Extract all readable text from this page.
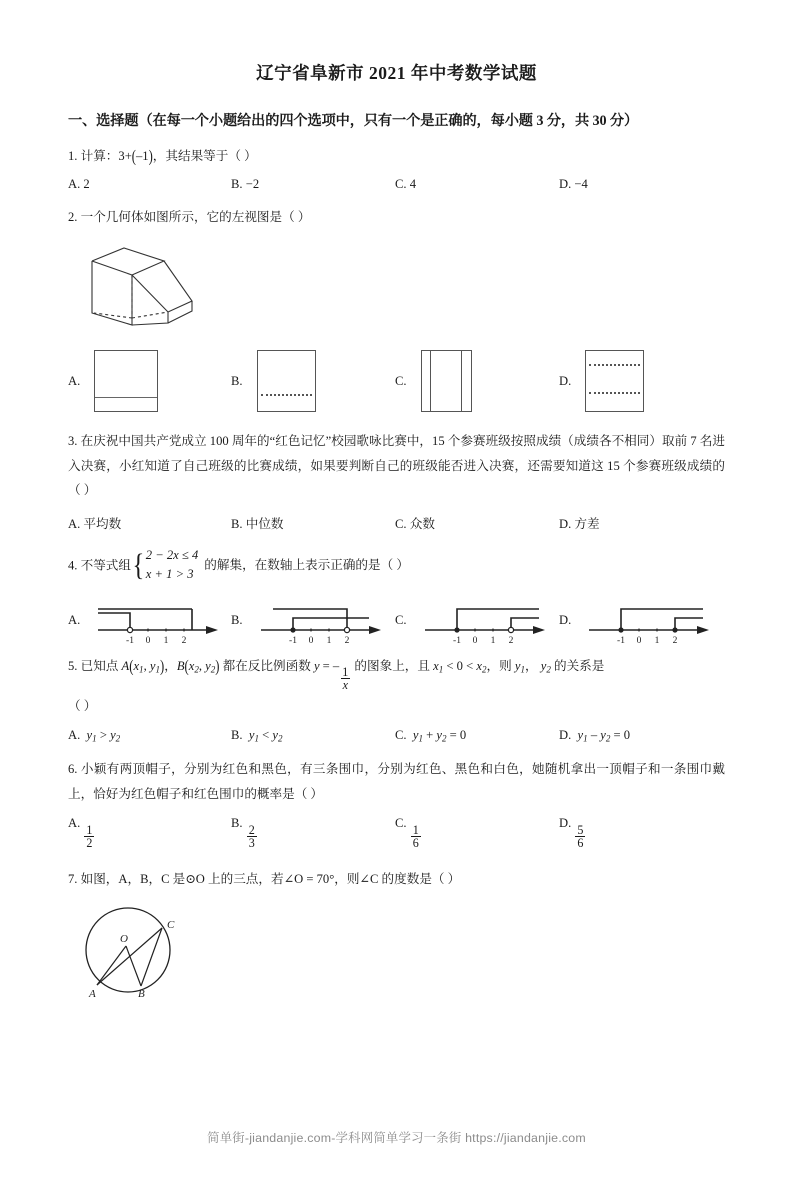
辽宁省阜新市 2021 年中考数学试题
一、选择题（在每一个小题给出的四个选项中，只有一个是正确的，每小题 3 分，共 30 分）
1. 计算：3+(–1)，其结果等于（ ）
A. 2	B. −2	C. 4	D. −4
2. 一个几何体如图所示，它的左视图是（ ）
A.	B.	C.	D.
3. 在庆祝中国共产党成立 100 周年的“红色记忆”校园歌咏比赛中，15 个参赛班级按照成绩（成绩各不相同）取前 7 名进入决赛，小红知道了自己班级的比赛成绩，如果要判断自己的班级能否进入决赛，还需要知道这 15 个参赛班级成绩的（ ）
A. 平均数	B. 中位数	C. 众数	D. 方差
4. 不等式组 { 2 − 2x ≤ 4
x + 1 > 3
的解集，在数轴上表示正确的是（ ）
A.
-1 0 1 2
B.
-1 0 1 2
C.
-1 0 1 2
D.
-1 0 1 2
5. 已知点 $A(x_1$, $y_1$)，$B(x_2$, $y_2$) 都在反比例函数 y = –
$\frac{1}{x}$
的图象上，且 $x_1 < 0 < x_2$，则 $y_1$， $y_2$ 的关系是
（ ）
A. $y_1 > y_2$	B. $y_1 < y_2$	C. $y_1 + y_2 = 0$	D. $y_1 - y_2 = 0$
6. 小颖有两顶帽子，分别为红色和黑色，有三条围巾，分别为红色、黑色和白色，她随机拿出一顶帽子和一条围巾戴上，恰好为红色帽子和红色围巾的概率是（ ）
A.
$\frac{1}{2}$
B.
$\frac{2}{3}$
C.
$\frac{1}{6}$
D.
$\frac{5}{6}$
7. 如图，A，B，C 是⊙O 上的三点，若∠O = 70°，则∠C 的度数是（ ）
O
C
A	B
简单街-jiandanjie.com-学科网简单学习一条街 https://jiandanjie.com
